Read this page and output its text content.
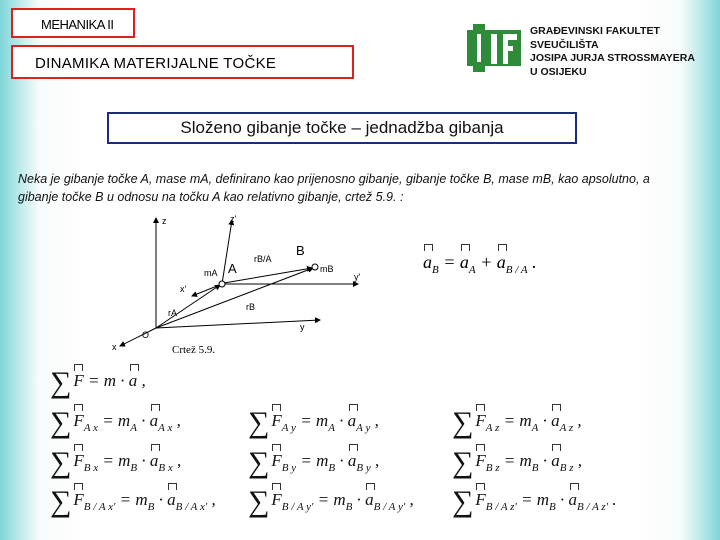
MEHANIKA II
DINAMIKA MATERIJALNE TOČKE
GRAĐEVINSKI FAKULTET
SVEUČILIŠTA
JOSIPA JURJA STROSSMAYERA
U OSIJEKU
Složeno gibanje točke – jednadžba gibanja
Neka je gibanje točke A, mase mA, definirano kao prijenosno gibanje, gibanje točke B, mase mB, kao apsolutno, a gibanje točke B u odnosu na točku A kao relativno gibanje, crtež 5.9. :
z	z'
x
y
y'
x'
O
A
B
mA	mB
rA
rB
rB/A
Crtež 5.9.
$a_B = a_A + a_{B / A}$ .
∑ F = m · a ,
∑ $F_{A x} = m_A \cdot a_{A x}$ ,
∑ $F_{B x} = m_B \cdot a_{B x}$ ,
∑ $F_{B / A x'} = m_B \cdot a_{B / A x'}$ ,
∑ $F_{A y} = m_A \cdot a_{A y}$ ,
∑ $F_{B y} = m_B \cdot a_{B y}$ ,
∑ $F_{B / A y'} = m_B \cdot a_{B / A y'}$ ,
∑ $F_{A z} = m_A \cdot a_{A z}$ ,
∑ $F_{B z} = m_B \cdot a_{B z}$ ,
∑ $F_{B / A z'} = m_B \cdot a_{B / A z'}$ .
